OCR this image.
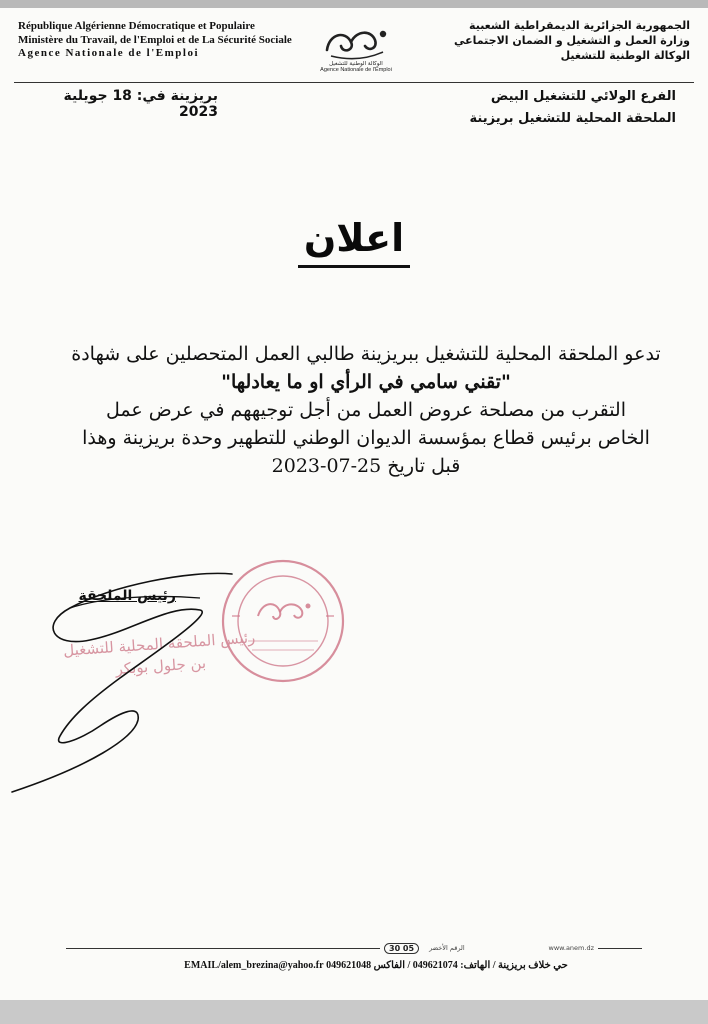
République Algérienne Démocratique et Populaire
Ministère du Travail, de l'Emploi et de La Sécurité Sociale
Agence Nationale de l'Emploi
الوكالة الوطنية للتشغيل
Agence Nationale de l'Emploi
الجمهورية الجزائرية الديمقراطية الشعبية
وزارة العمل و التشغيل و الضمان الاجتماعي
الوكالة الوطنية للتشغيل
بريزينة في: 18 جويلية 2023
الفرع الولائي للتشغيل البيض
الملحقة المحلية للتشغيل بريزينة
اعلان
تدعو الملحقة المحلية للتشغيل ببريزينة طالبي العمل المتحصلين على شهادة
"تقني سامي في الرأي او ما يعادلها"
التقرب من مصلحة عروض العمل من أجل توجيههم في عرض عمل
الخاص برئيس قطاع بمؤسسة الديوان الوطني للتطهير وحدة بريزينة وهذا
قبل تاريخ 25-07-2023
رئيس الملحقة المحلية للتشغيل
بن جلول بوبكر
رئيس الملحقة
30 05	الرقم الأخضر	www.anem.dz
حي خلاف بريزينة / الهاتف: 049621074 / الفاكس 049621048 EMAIL/alem_brezina@yahoo.fr
